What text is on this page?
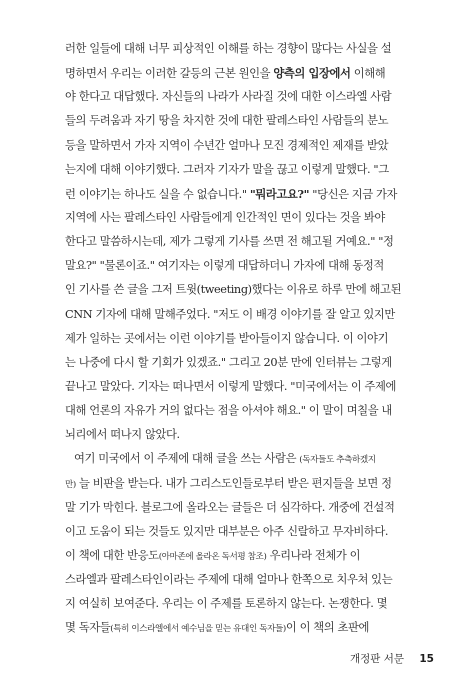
러한 일들에 대해 너무 피상적인 이해를 하는 경향이 많다는 사실을 설
명하면서 우리는 이러한 갈등의 근본 원인을 양측의 입장에서 이해해
야 한다고 대답했다. 자신들의 나라가 사라질 것에 대한 이스라엘 사람
들의 두려움과 자기 땅을 차지한 것에 대한 팔레스타인 사람들의 분노
등을 말하면서 가자 지역이 수년간 얼마나 모진 경제적인 제재를 받았
는지에 대해 이야기했다. 그러자 기자가 말을 끊고 이렇게 말했다. "그
런 이야기는 하나도 실을 수 없습니다." "뭐라고요?" "당신은 지금 가자
지역에 사는 팔레스타인 사람들에게 인간적인 면이 있다는 것을 봐야
한다고 말씀하시는데, 제가 그렇게 기사를 쓰면 전 해고될 거예요." "정
말요?" "물론이죠." 여기자는 이렇게 대답하더니 가자에 대해 동정적
인 기사를 쓴 글을 그저 트윗(tweeting)했다는 이유로 하루 만에 해고된
CNN 기자에 대해 말해주었다. "저도 이 배경 이야기를 잘 알고 있지만
제가 일하는 곳에서는 이런 이야기를 받아들이지 않습니다. 이 이야기
는 나중에 다시 할 기회가 있겠죠." 그리고 20분 만에 인터뷰는 그렇게
끝나고 말았다. 기자는 떠나면서 이렇게 말했다. "미국에서는 이 주제에
대해 언론의 자유가 거의 없다는 점을 아셔야 해요." 이 말이 며칠을 내
뇌리에서 떠나지 않았다.
여기 미국에서 이 주제에 대해 글을 쓰는 사람은 (독자들도 추측하겠지
만) 늘 비판을 받는다. 내가 그리스도인들로부터 받은 편지들을 보면 정
말 기가 막힌다. 블로그에 올라오는 글들은 더 심각하다. 개중에 건설적
이고 도움이 되는 것들도 있지만 대부분은 아주 신랄하고 무자비하다.
이 책에 대한 반응도(아마존에 올라온 독서평 참조) 우리나라 전체가 이
스라엘과 팔레스타인이라는 주제에 대해 얼마나 한쪽으로 치우쳐 있는
지 여실히 보여준다. 우리는 이 주제를 토론하지 않는다. 논쟁한다. 몇
몇 독자들(특히 이스라엘에서 예수님을 믿는 유대인 독자들)이 이 책의 초판에
개정판 서문 15
